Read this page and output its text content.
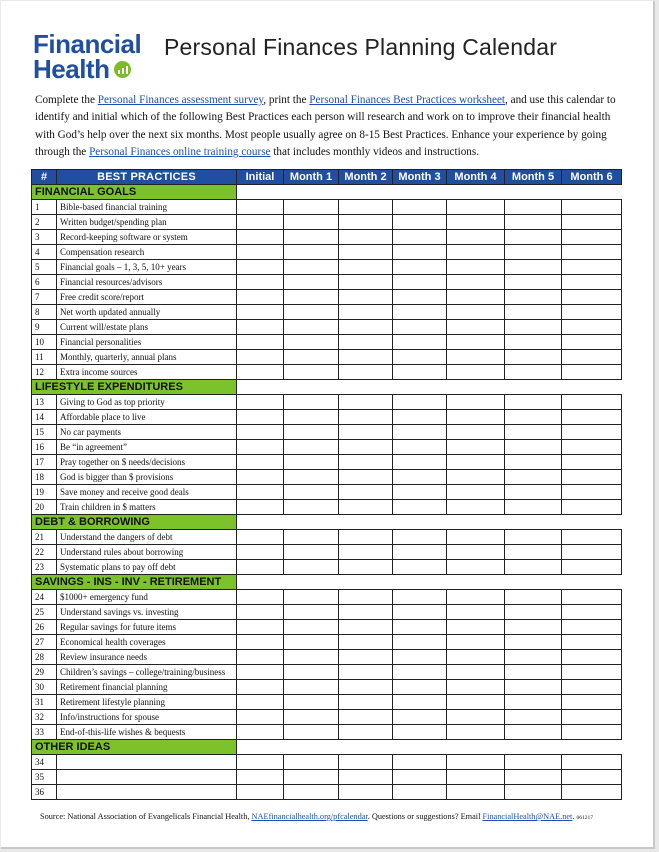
Financial
Health
Personal Finances Planning Calendar
Complete the Personal Finances assessment survey, print the Personal Finances Best Practices worksheet, and use this calendar to identify and initial which of the following Best Practices each person will research and work on to improve their financial health with God’s help over the next six months. Most people usually agree on 8-15 Best Practices. Enhance your experience by going through the Personal Finances online training course that includes monthly videos and instructions.
#	BEST PRACTICES	Initial	Month 1	Month 2	Month 3	Month 4	Month 5	Month 6
FINANCIAL GOALS								
1	Bible-based financial training							
2	Written budget/spending plan							
3	Record-keeping software or system							
4	Compensation research							
5	Financial goals – 1, 3, 5, 10+ years							
6	Financial resources/advisors							
7	Free credit score/report							
8	Net worth updated annually							
9	Current will/estate plans							
10	Financial personalities							
11	Monthly, quarterly, annual plans							
12	Extra income sources							
LIFESTYLE EXPENDITURES								
13	Giving to God as top priority							
14	Affordable place to live							
15	No car payments							
16	Be “in agreement”							
17	Pray together on $ needs/decisions							
18	God is bigger than $ provisions							
19	Save money and receive good deals							
20	Train children in $ matters							
DEBT & BORROWING								
21	Understand the dangers of debt							
22	Understand rules about borrowing							
23	Systematic plans to pay off debt							
SAVINGS - INS - INV - RETIREMENT								
24	$1000+ emergency fund							
25	Understand savings vs. investing							
26	Regular savings for future items							
27	Economical health coverages							
28	Review insurance needs							
29	Children’s savings – college/training/business							
30	Retirement financial planning							
31	Retirement lifestyle planning							
32	Info/instructions for spouse							
33	End-of-this-life wishes & bequests							
OTHER IDEAS								
34								
35								
36								
Source: National Association of Evangelicals Financial Health, NAEfinancialhealth.org/pfcalendar. Questions or suggestions? Email FinancialHealth@NAE.net. 061217
